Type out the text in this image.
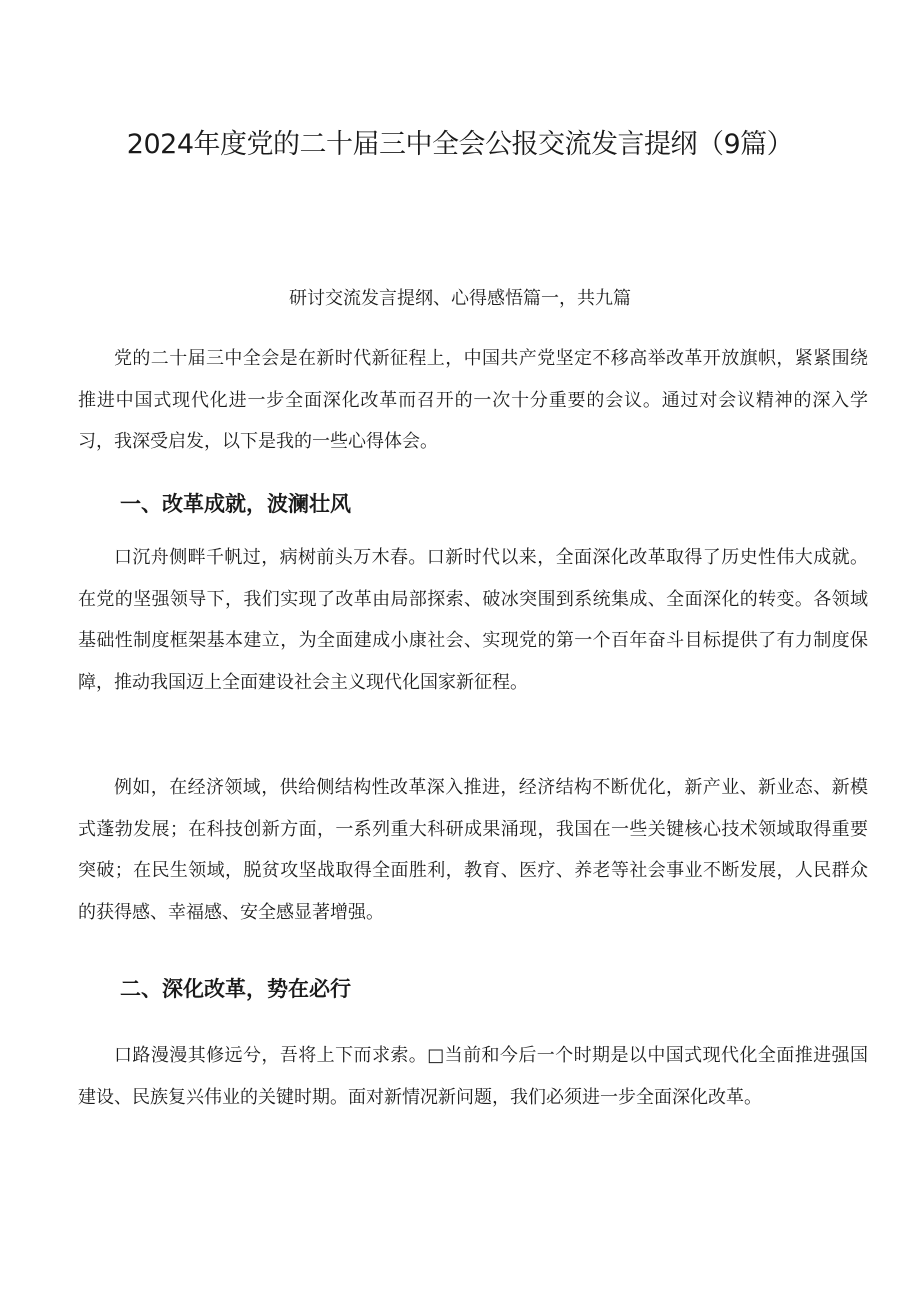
2024年度党的二十届三中全会公报交流发言提纲（9篇）
研讨交流发言提纲、心得感悟篇一，共九篇

党的二十届三中全会是在新时代新征程上，中国共产党坚定不移高举改革开放旗帜，紧紧围绕推进中国式现代化进一步全面深化改革而召开的一次十分重要的会议。通过对会议精神的深入学习，我深受启发，以下是我的一些心得体会。

一、改革成就，波澜壮风

口沉舟侧畔千帆过，病树前头万木春。口新时代以来，全面深化改革取得了历史性伟大成就。在党的坚强领导下，我们实现了改革由局部探索、破冰突围到系统集成、全面深化的转变。各领域基础性制度框架基本建立，为全面建成小康社会、实现党的第一个百年奋斗目标提供了有力制度保障，推动我国迈上全面建设社会主义现代化国家新征程。

例如，在经济领域，供给侧结构性改革深入推进，经济结构不断优化，新产业、新业态、新模式蓬勃发展；在科技创新方面，一系列重大科研成果涌现，我国在一些关键核心技术领域取得重要突破；在民生领域，脱贫攻坚战取得全面胜利，教育、医疗、养老等社会事业不断发展，人民群众的获得感、幸福感、安全感显著增强。

二、深化改革，势在必行

口路漫漫其修远兮，吾将上下而求索。□当前和今后一个时期是以中国式现代化全面推进强国建设、民族复兴伟业的关键时期。面对新情况新问题，我们必须进一步全面深化改革。
